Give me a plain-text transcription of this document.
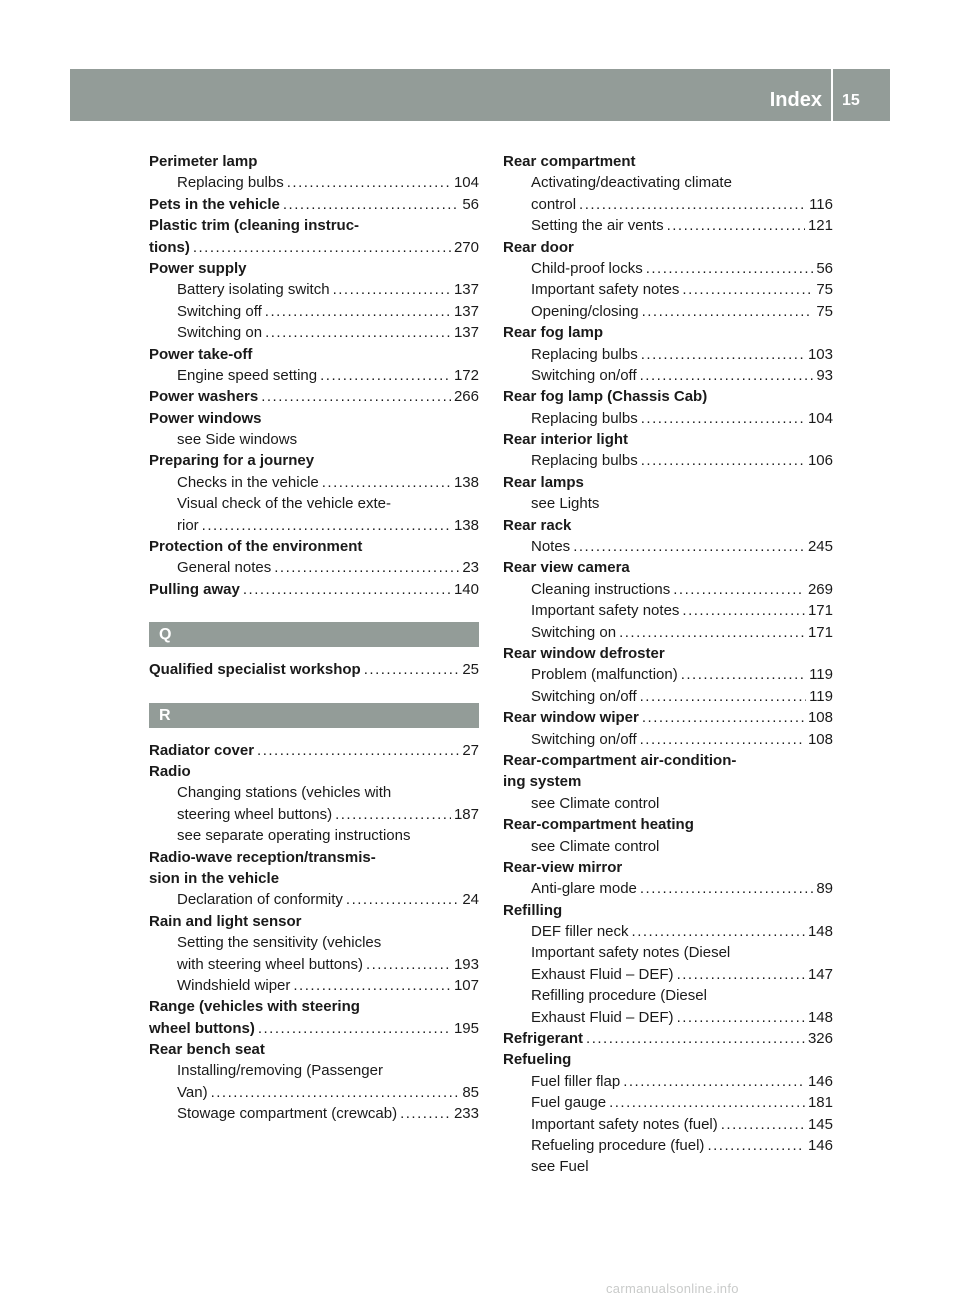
Index 15
Perimeter lamp
Replacing bulbs .....	104
Pets in the vehicle .....	56
Plastic trim (cleaning instruc-
tions) .....	270
Power supply
Battery isolating switch .....	137
Switching off .....	137
Switching on .....	137
Power take-off
Engine speed setting .....	172
Power washers .....	266
Power windows
see Side windows
Preparing for a journey
Checks in the vehicle .....	138
Visual check of the vehicle exte-
rior .....	138
Protection of the environment
General notes .....	23
Pulling away .....	140
Q
Qualified specialist workshop .....	25
R
Radiator cover .....	27
Radio
Changing stations (vehicles with
steering wheel buttons) .....	187
see separate operating instructions
Radio-wave reception/transmis-
sion in the vehicle
Declaration of conformity .....	24
Rain and light sensor
Setting the sensitivity (vehicles
with steering wheel buttons) .....	193
Windshield wiper .....	107
Range (vehicles with steering
wheel buttons) .....	195
Rear bench seat
Installing/removing (Passenger
Van) .....	85
Stowage compartment (crewcab) .....	233
Rear compartment
Activating/deactivating climate
control .....	116
Setting the air vents .....	121
Rear door
Child-proof locks .....	56
Important safety notes .....	75
Opening/closing .....	75
Rear fog lamp
Replacing bulbs .....	103
Switching on/off .....	93
Rear fog lamp (Chassis Cab)
Replacing bulbs .....	104
Rear interior light
Replacing bulbs .....	106
Rear lamps
see Lights
Rear rack
Notes .....	245
Rear view camera
Cleaning instructions .....	269
Important safety notes .....	171
Switching on .....	171
Rear window defroster
Problem (malfunction) .....	119
Switching on/off .....	119
Rear window wiper .....	108
Switching on/off .....	108
Rear-compartment air-condition-
ing system
see Climate control
Rear-compartment heating
see Climate control
Rear-view mirror
Anti-glare mode .....	89
Refilling
DEF filler neck .....	148
Important safety notes (Diesel
Exhaust Fluid – DEF) .....	147
Refilling procedure (Diesel
Exhaust Fluid – DEF) .....	148
Refrigerant .....	326
Refueling
Fuel filler flap .....	146
Fuel gauge .....	181
Important safety notes (fuel) .....	145
Refueling procedure (fuel) .....	146
see Fuel
carmanualsonline.info
